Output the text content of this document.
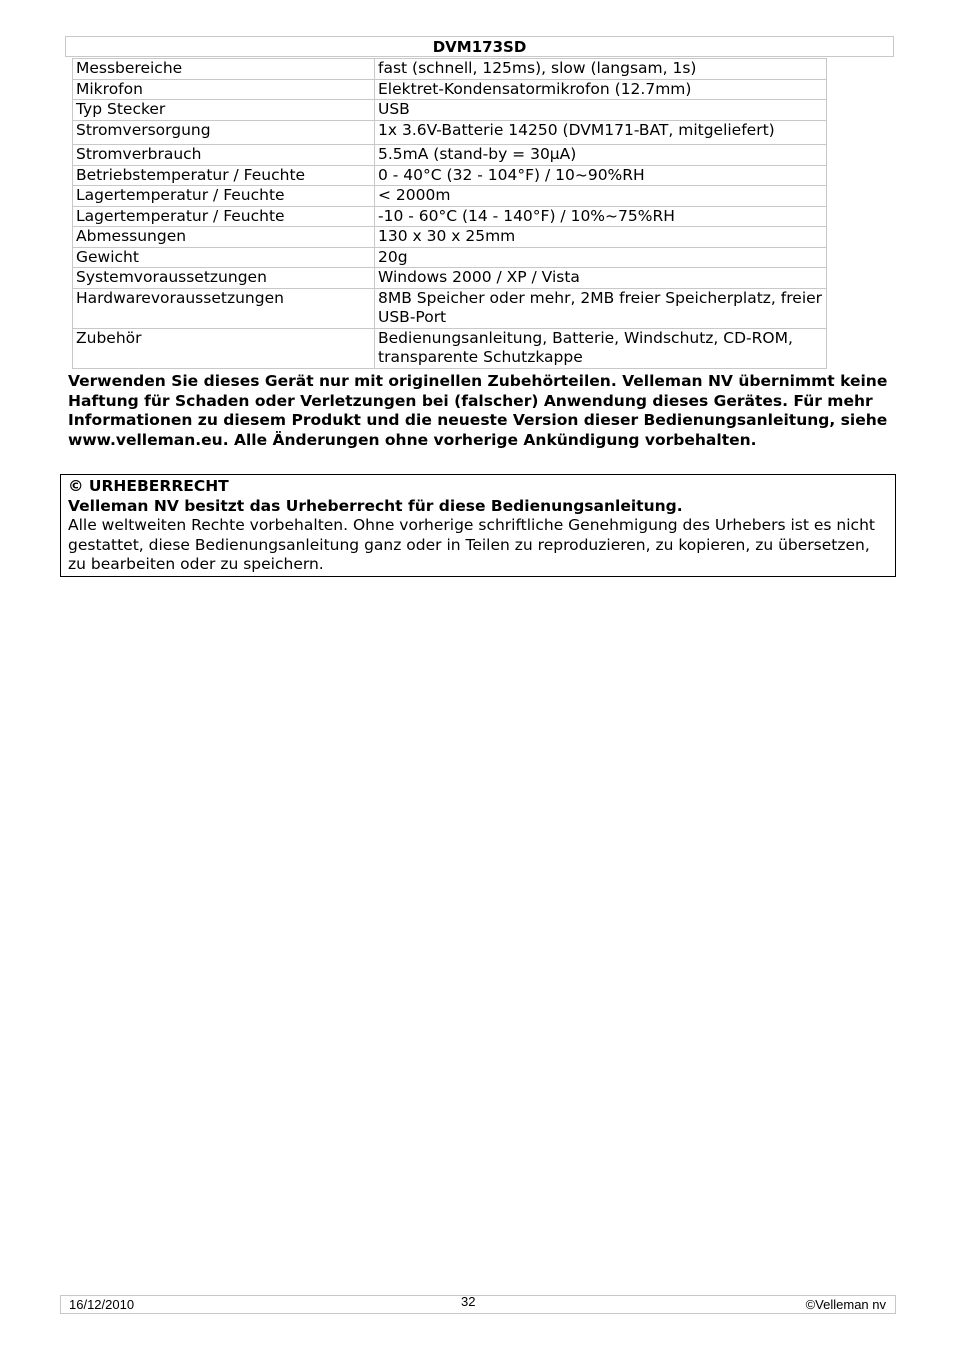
DVM173SD
Messbereiche	fast (schnell, 125ms), slow (langsam, 1s)
Mikrofon	Elektret-Kondensatormikrofon (12.7mm)
Typ Stecker	USB
Stromversorgung	1x 3.6V-Batterie 14250 (DVM171-BAT, mitgeliefert)
Stromverbrauch	5.5mA (stand-by = 30µA)
Betriebstemperatur / Feuchte	0 - 40°C (32 - 104°F) / 10~90%RH
Lagertemperatur / Feuchte	< 2000m
Lagertemperatur / Feuchte	-10 - 60°C (14 - 140°F) / 10%~75%RH
Abmessungen	130 x 30 x 25mm
Gewicht	20g
Systemvoraussetzungen	Windows 2000 / XP / Vista
Hardwarevoraussetzungen	8MB Speicher oder mehr, 2MB freier Speicherplatz, freier USB-Port
Zubehör	Bedienungsanleitung, Batterie, Windschutz, CD-ROM, transparente Schutzkappe
Verwenden Sie dieses Gerät nur mit originellen Zubehörteilen. Velleman NV übernimmt keine Haftung für Schaden oder Verletzungen bei (falscher) Anwendung dieses Gerätes. Für mehr Informationen zu diesem Produkt und die neueste Version dieser Bedienungsanleitung, siehe www.velleman.eu. Alle Änderungen ohne vorherige Ankündigung vorbehalten.
© URHEBERRECHT
Velleman NV besitzt das Urheberrecht für diese Bedienungsanleitung.
Alle weltweiten Rechte vorbehalten. Ohne vorherige schriftliche Genehmigung des Urhebers ist es nicht gestattet, diese Bedienungsanleitung ganz oder in Teilen zu reproduzieren, zu kopieren, zu übersetzen, zu bearbeiten oder zu speichern.
16/12/2010	32	©Velleman nv
